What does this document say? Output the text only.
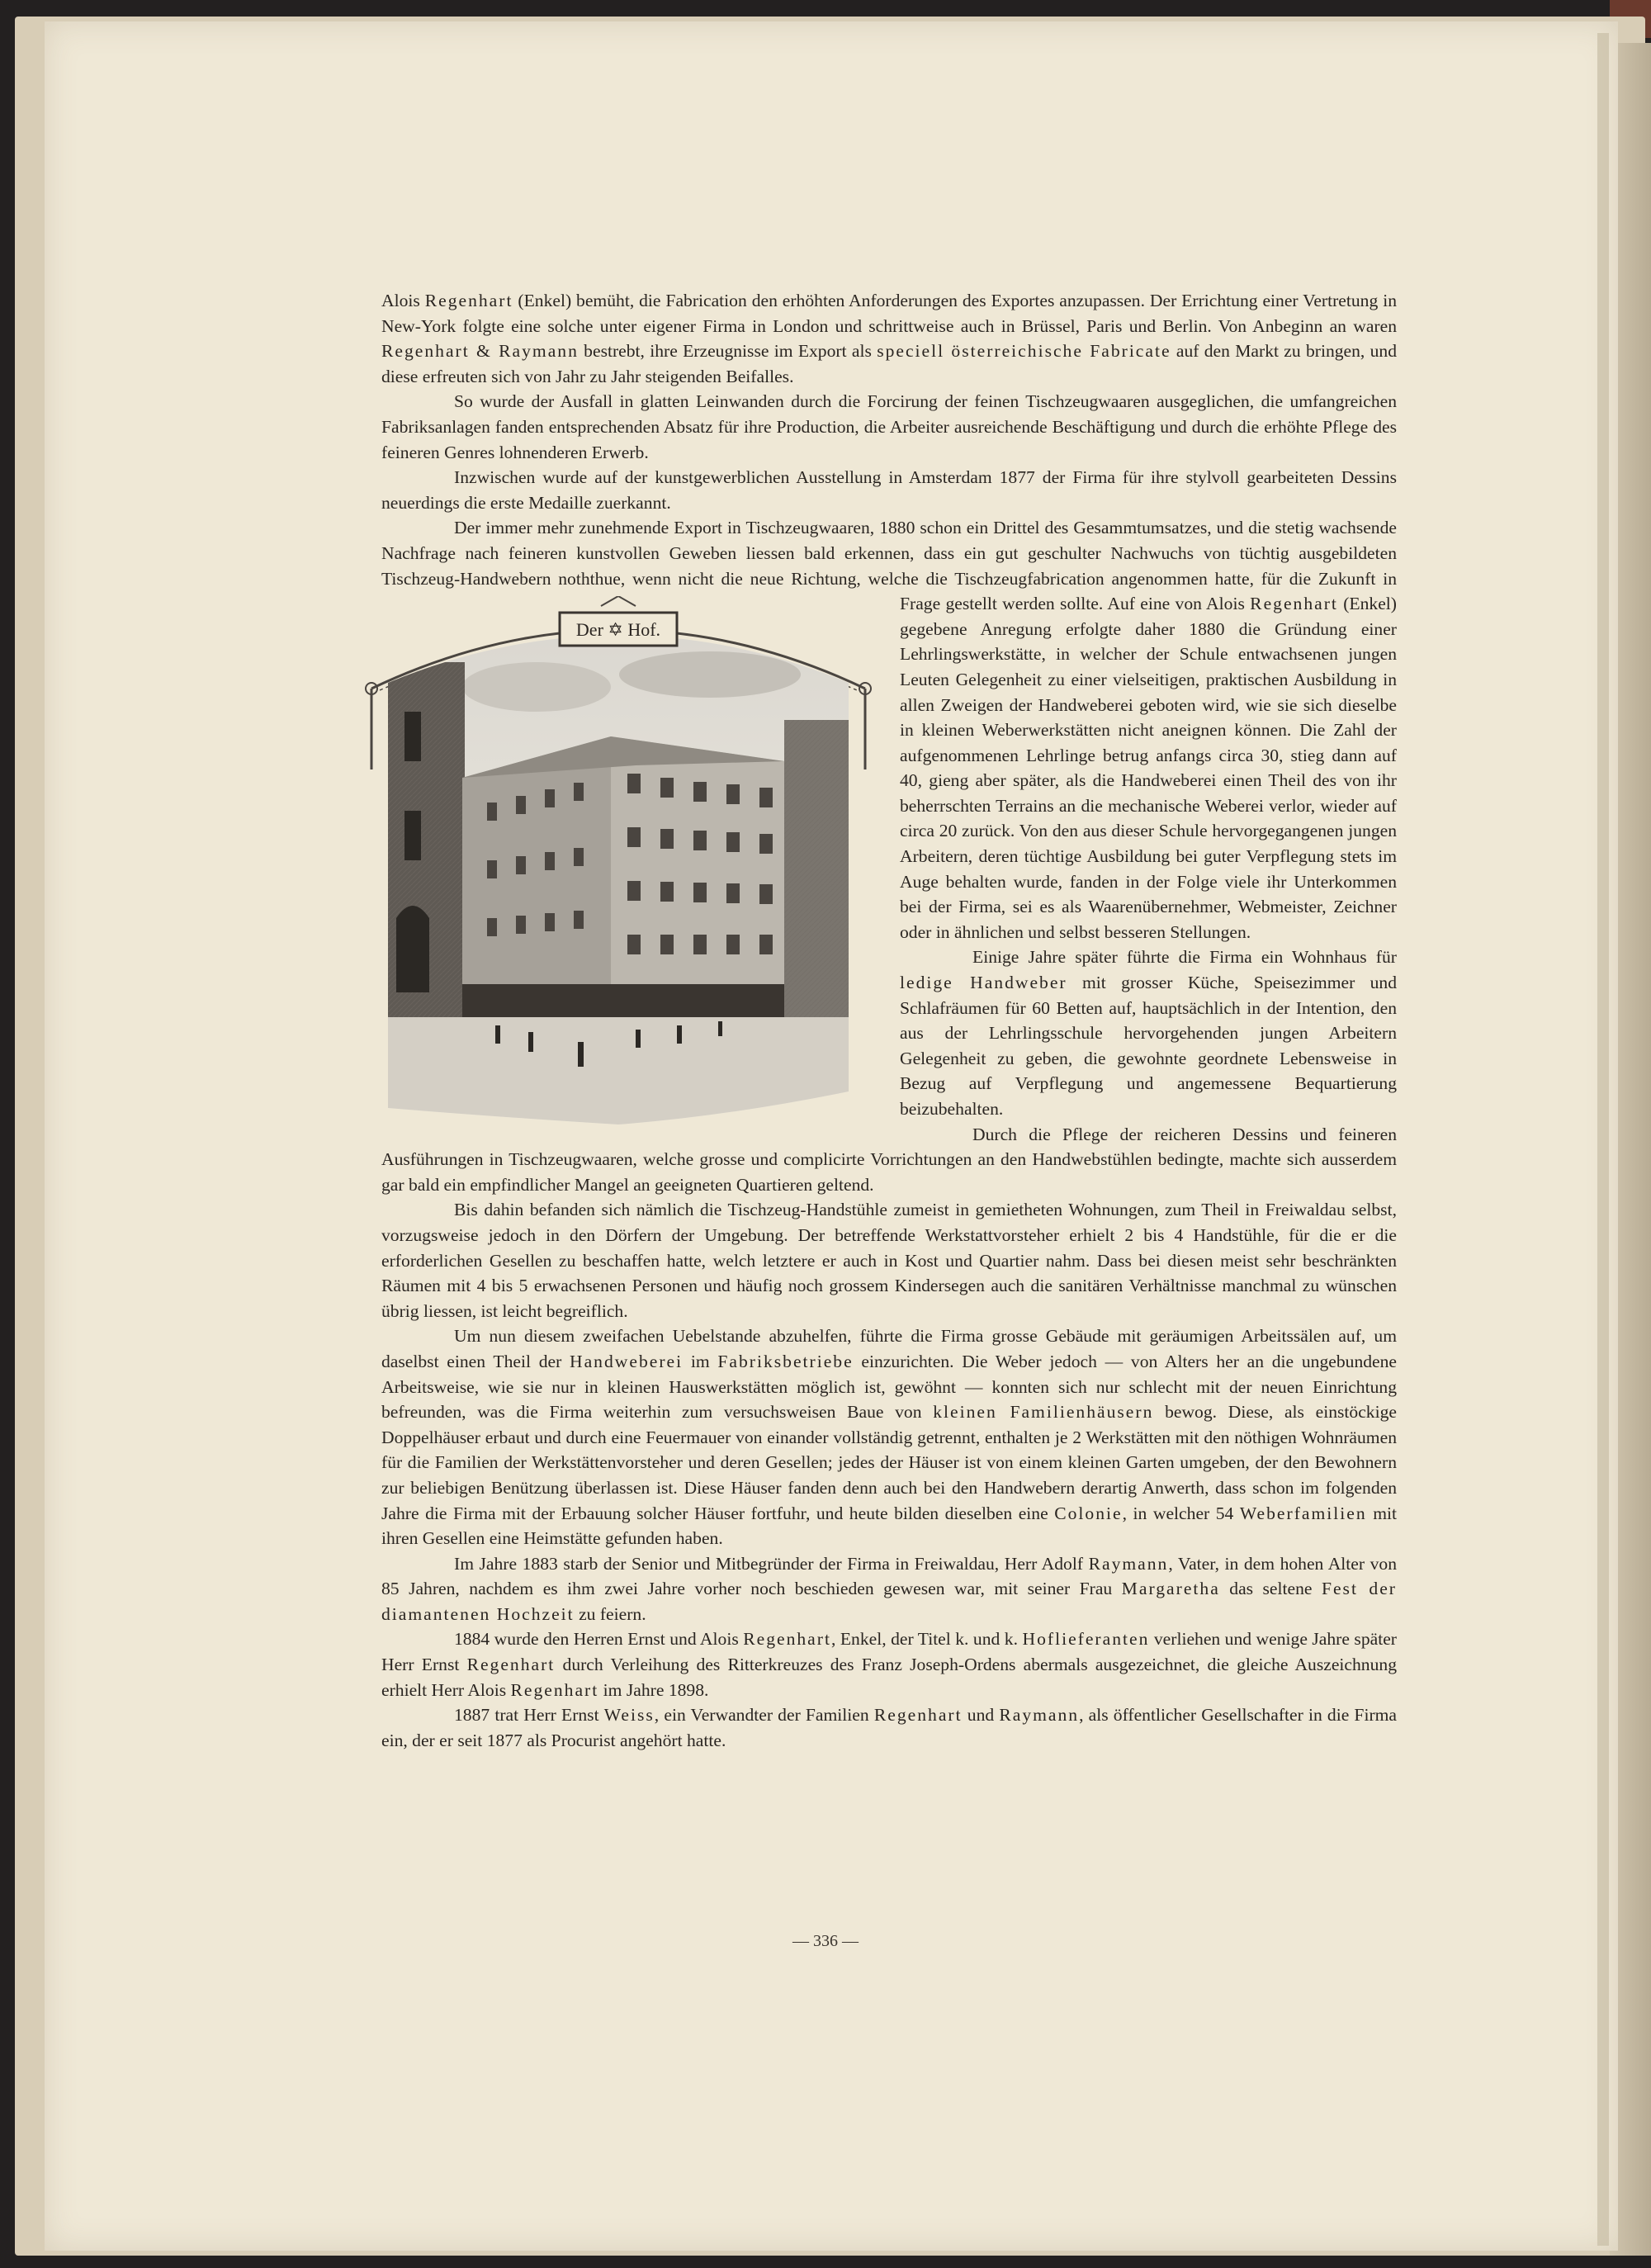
Alois Regenhart (Enkel) bemüht, die Fabrication den erhöhten Anforderungen des Exportes anzupassen. Der Errichtung einer Vertretung in New-York folgte eine solche unter eigener Firma in London und schrittweise auch in Brüssel, Paris und Berlin. Von Anbeginn an waren Regenhart & Raymann bestrebt, ihre Erzeugnisse im Export als speciell österreichische Fabricate auf den Markt zu bringen, und diese erfreuten sich von Jahr zu Jahr steigenden Beifalles.

So wurde der Ausfall in glatten Leinwanden durch die Forcirung der feinen Tischzeugwaaren ausgeglichen, die umfangreichen Fabriksanlagen fanden entsprechenden Absatz für ihre Production, die Arbeiter ausreichende Beschäftigung und durch die erhöhte Pflege des feineren Genres lohnenderen Erwerb.

Inzwischen wurde auf der kunstgewerblichen Ausstellung in Amsterdam 1877 der Firma für ihre stylvoll gearbeiteten Dessins neuerdings die erste Medaille zuerkannt.

Der immer mehr zunehmende Export in Tischzeugwaaren, 1880 schon ein Drittel des Gesammtumsatzes, und die stetig wachsende Nachfrage nach feineren kunstvollen Geweben liessen bald erkennen, dass ein gut geschulter Nachwuchs von tüchtig ausgebildeten Tischzeug-Handwebern noththue, wenn nicht die neue Richtung, welche die Tischzeugfabrication angenommen hatte, für die Zukunft in Frage gestellt werden sollte. Auf eine von Alois
Der ✡ Hof.
Regenhart (Enkel) gegebene Anregung erfolgte daher 1880 die Gründung einer Lehrlingswerkstätte, in welcher der Schule entwachsenen jungen Leuten Gelegenheit zu einer vielseitigen, praktischen Ausbildung in allen Zweigen der Handweberei geboten wird, wie sie sich dieselbe in kleinen Weberwerkstätten nicht aneignen können. Die Zahl der aufgenommenen Lehrlinge betrug anfangs circa 30, stieg dann auf 40, gieng aber später, als die Handweberei einen Theil des von ihr beherrschten Terrains an die mechanische Weberei verlor, wieder auf circa 20 zurück. Von den aus dieser Schule hervorgegangenen jungen Arbeitern, deren tüchtige Ausbildung bei guter Verpflegung stets im Auge behalten wurde, fanden in der Folge viele ihr Unterkommen bei der Firma, sei es als Waarenübernehmer, Webmeister, Zeichner oder in ähnlichen und selbst besseren Stellungen.

Einige Jahre später führte die Firma ein Wohnhaus für ledige Handweber mit grosser Küche, Speisezimmer und Schlafräumen für 60 Betten auf, hauptsächlich in der Intention, den aus der Lehrlingsschule hervorgehenden jungen Arbeitern Gelegenheit zu geben, die gewohnte geordnete Lebensweise in Bezug auf Verpflegung und angemessene Bequartierung beizubehalten.

Durch die Pflege der reicheren Dessins und feineren Ausführungen in Tischzeugwaaren, welche grosse und complicirte Vorrichtungen an den Handwebstühlen bedingte, machte sich ausserdem gar bald ein empfindlicher Mangel an geeigneten Quartieren geltend.

Bis dahin befanden sich nämlich die Tischzeug-Handstühle zumeist in gemietheten Wohnungen, zum Theil in Freiwaldau selbst, vorzugsweise jedoch in den Dörfern der Umgebung. Der betreffende Werkstattvorsteher erhielt 2 bis 4 Handstühle, für die er die erforderlichen Gesellen zu beschaffen hatte, welch letztere er auch in Kost und Quartier nahm. Dass bei diesen meist sehr beschränkten Räumen mit 4 bis 5 erwachsenen Personen und häufig noch grossem Kindersegen auch die sanitären Verhältnisse manchmal zu wünschen übrig liessen, ist leicht begreiflich.

Um nun diesem zweifachen Uebelstande abzuhelfen, führte die Firma grosse Gebäude mit geräumigen Arbeitssälen auf, um daselbst einen Theil der Handweberei im Fabriksbetriebe einzurichten. Die Weber jedoch — von Alters her an die ungebundene Arbeitsweise, wie sie nur in kleinen Hauswerkstätten möglich ist, gewöhnt — konnten sich nur schlecht mit der neuen Einrichtung befreunden, was die Firma weiterhin zum versuchsweisen Baue von kleinen Familienhäusern bewog. Diese, als einstöckige Doppelhäuser erbaut und durch eine Feuermauer von einander vollständig getrennt, enthalten je 2 Werkstätten mit den nöthigen Wohnräumen für die Familien der Werkstättenvorsteher und deren Gesellen; jedes der Häuser ist von einem kleinen Garten umgeben, der den Bewohnern zur beliebigen Benützung überlassen ist. Diese Häuser fanden denn auch bei den Handwebern derartig Anwerth, dass schon im folgenden Jahre die Firma mit der Erbauung solcher Häuser fortfuhr, und heute bilden dieselben eine Colonie, in welcher 54 Weberfamilien mit ihren Gesellen eine Heimstätte gefunden haben.

Im Jahre 1883 starb der Senior und Mitbegründer der Firma in Freiwaldau, Herr Adolf Raymann, Vater, in dem hohen Alter von 85 Jahren, nachdem es ihm zwei Jahre vorher noch beschieden gewesen war, mit seiner Frau Margaretha das seltene Fest der diamantenen Hochzeit zu feiern.

1884 wurde den Herren Ernst und Alois Regenhart, Enkel, der Titel k. und k. Hoflieferanten verliehen und wenige Jahre später Herr Ernst Regenhart durch Verleihung des Ritterkreuzes des Franz Joseph-Ordens abermals ausgezeichnet, die gleiche Auszeichnung erhielt Herr Alois Regenhart im Jahre 1898.

1887 trat Herr Ernst Weiss, ein Verwandter der Familien Regenhart und Raymann, als öffentlicher Gesellschafter in die Firma ein, der er seit 1877 als Procurist angehört hatte.

— 336 —
